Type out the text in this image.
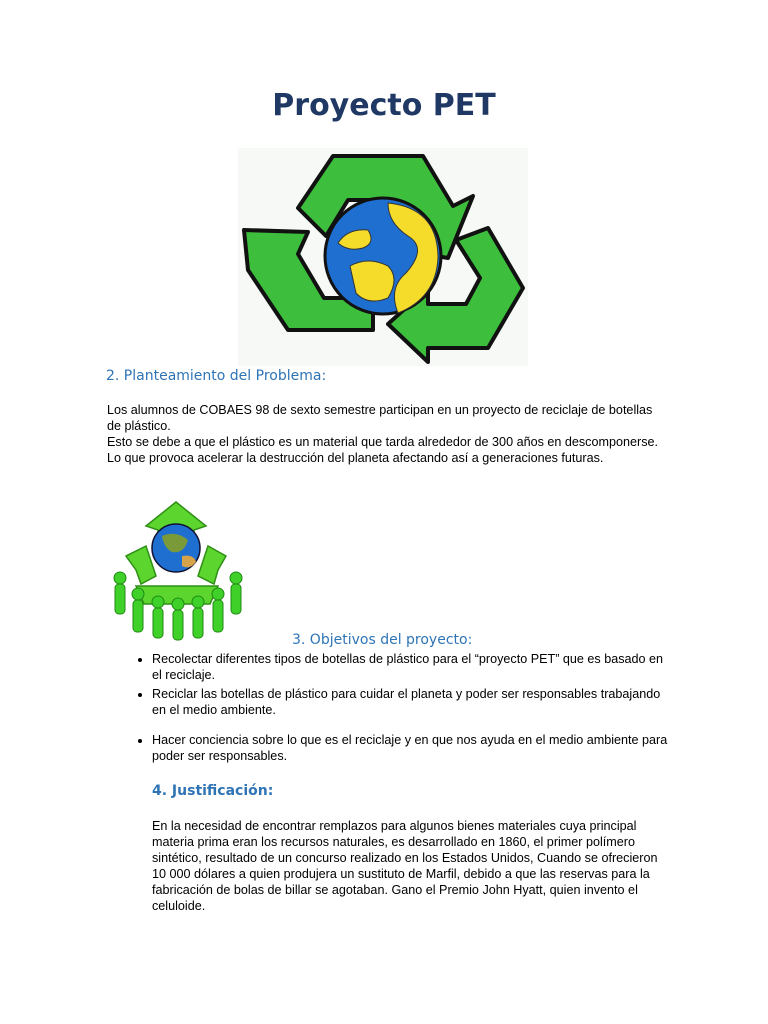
Proyecto PET
2. Planteamiento del Problema:
Los alumnos de COBAES 98 de sexto semestre participan en un proyecto de reciclaje de botellas de plástico.
Esto se debe a que el plástico es un material que tarda alrededor de 300 años en descomponerse. Lo que provoca acelerar la destrucción del planeta afectando así a generaciones futuras.
3. Objetivos del proyecto:
• Recolectar diferentes tipos de botellas de plástico para el “proyecto PET” que es basado en el reciclaje.
• Reciclar las botellas de plástico para cuidar el planeta y poder ser responsables trabajando en el medio ambiente.
• Hacer conciencia sobre lo que es el reciclaje y en que nos ayuda en el medio ambiente para poder ser responsables.
4. Justificación:
En la necesidad de encontrar remplazos para algunos bienes materiales cuya principal materia prima eran los recursos naturales, es desarrollado en 1860, el primer polímero sintético, resultado de un concurso realizado en los Estados Unidos, Cuando se ofrecieron 10 000 dólares a quien produjera un sustituto de Marfil, debido a que las reservas para la fabricación de bolas de billar se agotaban. Gano el Premio John Hyatt, quien invento el celuloide.
